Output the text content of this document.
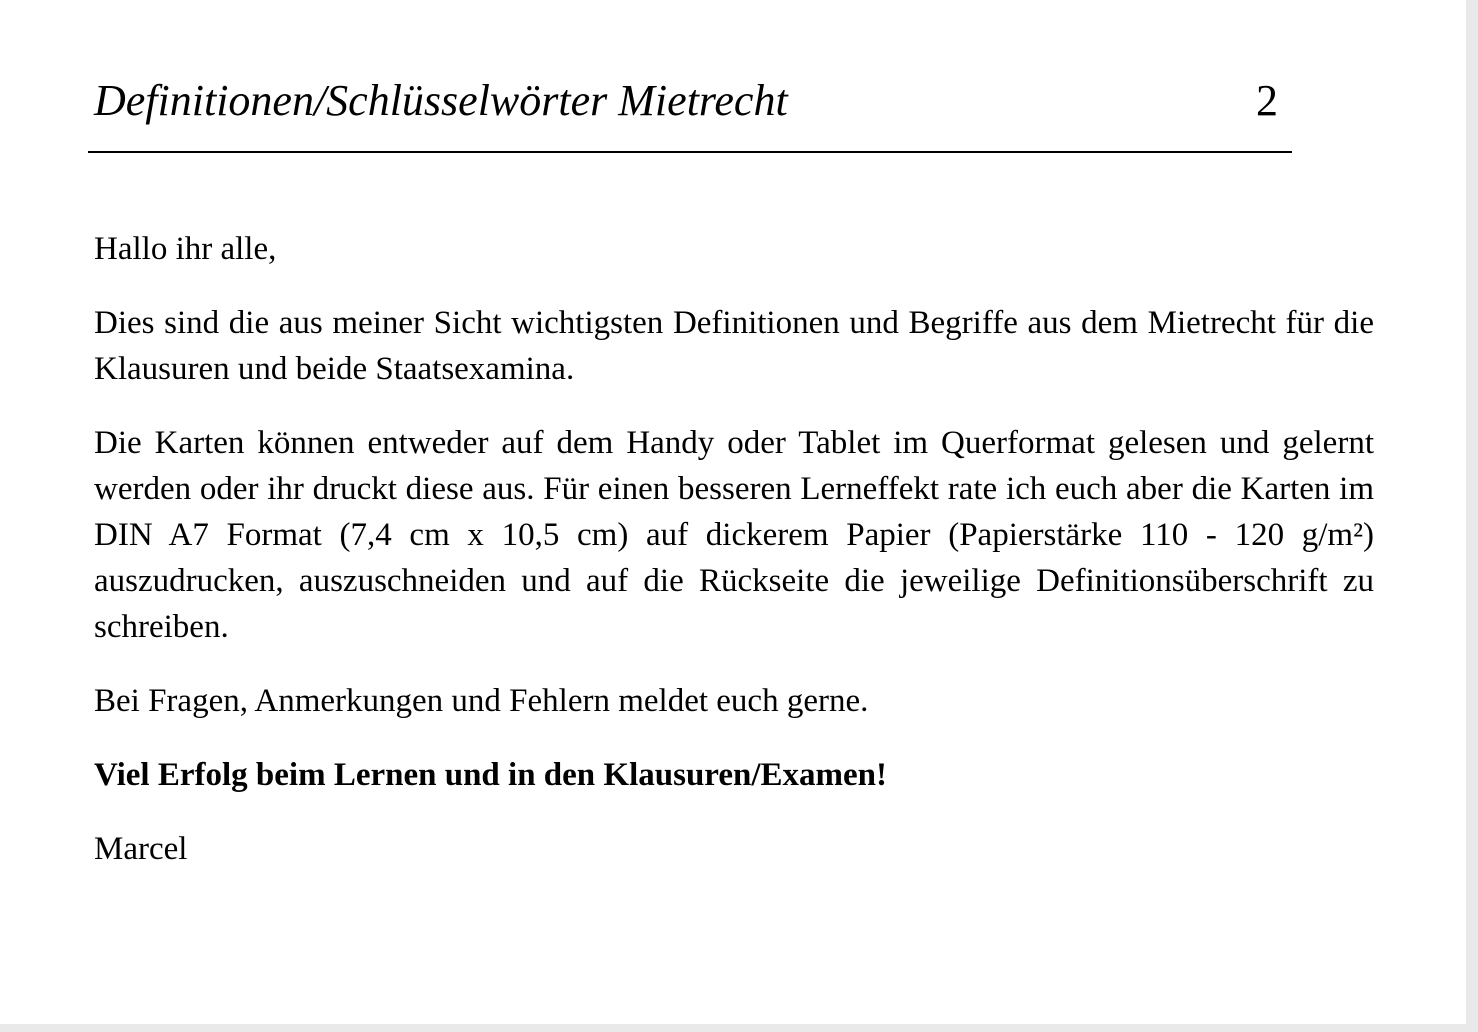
Definitionen/Schlüsselwörter Mietrecht	2

Hallo ihr alle,

Dies sind die aus meiner Sicht wichtigsten Definitionen und Begriffe aus dem Mietrecht für die Klausuren und beide Staatsexamina.

Die Karten können entweder auf dem Handy oder Tablet im Querformat gelesen und gelernt werden oder ihr druckt diese aus. Für einen besseren Lerneffekt rate ich euch aber die Karten im DIN A7 Format (7,4 cm x 10,5 cm) auf dickerem Papier (Papierstärke 110 - 120 g/m²) auszudrucken, auszuschneiden und auf die Rückseite die jeweilige Definitionsüberschrift zu schreiben.

Bei Fragen, Anmerkungen und Fehlern meldet euch gerne.

Viel Erfolg beim Lernen und in den Klausuren/Examen!

Marcel
